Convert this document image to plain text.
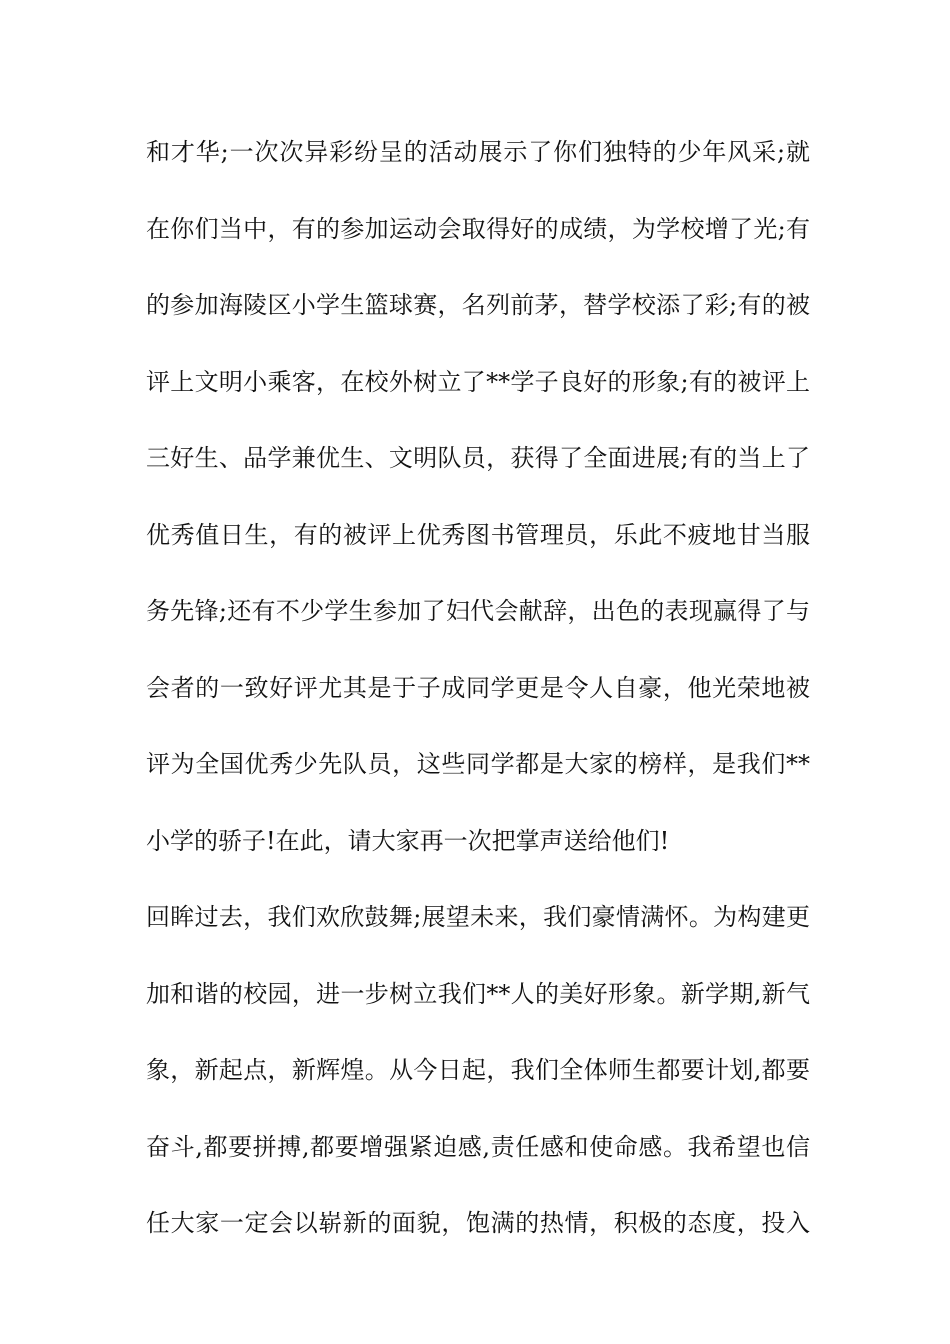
和才华;一次次异彩纷呈的活动展示了你们独特的少年风采;就

在你们当中，有的参加运动会取得好的成绩，为学校增了光;有

的参加海陵区小学生篮球赛，名列前茅，替学校添了彩;有的被

评上文明小乘客，在校外树立了**学子良好的形象;有的被评上

三好生、品学兼优生、文明队员，获得了全面进展;有的当上了

优秀值日生，有的被评上优秀图书管理员，乐此不疲地甘当服

务先锋;还有不少学生参加了妇代会献辞，出色的表现赢得了与

会者的一致好评尤其是于子成同学更是令人自豪，他光荣地被

评为全国优秀少先队员，这些同学都是大家的榜样，是我们**

小学的骄子!在此，请大家再一次把掌声送给他们!

回眸过去，我们欢欣鼓舞;展望未来，我们豪情满怀。为构建更

加和谐的校园，进一步树立我们**人的美好形象。新学期,新气

象，新起点，新辉煌。从今日起，我们全体师生都要计划,都要

奋斗,都要拼搏,都要增强紧迫感,责任感和使命感。我希望也信

任大家一定会以崭新的面貌，饱满的热情，积极的态度，投入
